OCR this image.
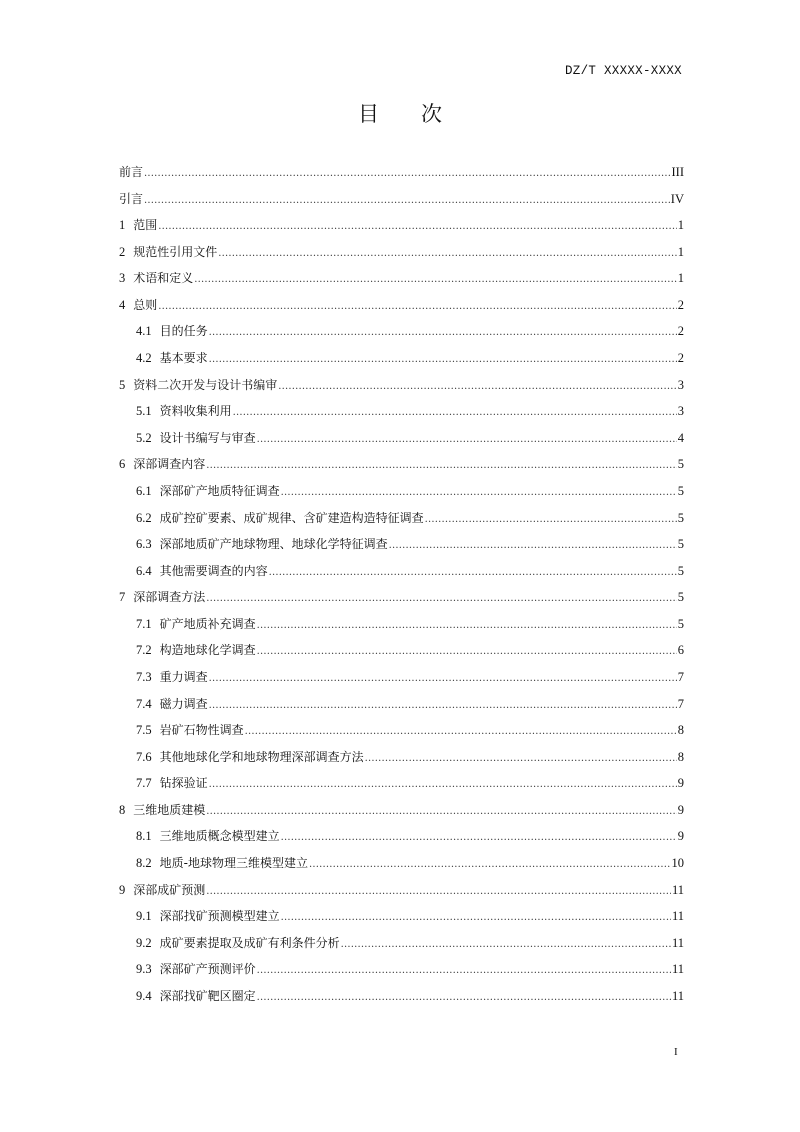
DZ/T XXXXX-XXXX
目次
前言 .....	III
引言 .....	IV
1 范围 .....	1
2 规范性引用文件 .....	1
3 术语和定义 .....	1
4 总则 .....	2
4.1 目的任务 .....	2
4.2 基本要求 .....	2
5 资料二次开发与设计书编审 .....	3
5.1 资料收集利用 .....	3
5.2 设计书编写与审查 .....	4
6 深部调查内容 .....	5
6.1 深部矿产地质特征调查 .....	5
6.2 成矿控矿要素、成矿规律、含矿建造构造特征调查 .....	5
6.3 深部地质矿产地球物理、地球化学特征调查 .....	5
6.4 其他需要调查的内容 .....	5
7 深部调查方法 .....	5
7.1 矿产地质补充调查 .....	5
7.2 构造地球化学调查 .....	6
7.3 重力调查 .....	7
7.4 磁力调查 .....	7
7.5 岩矿石物性调查 .....	8
7.6 其他地球化学和地球物理深部调查方法 .....	8
7.7 钻探验证 .....	9
8 三维地质建模 .....	9
8.1 三维地质概念模型建立 .....	9
8.2 地质-地球物理三维模型建立 .....	10
9 深部成矿预测 .....	11
9.1 深部找矿预测模型建立 .....	11
9.2 成矿要素提取及成矿有利条件分析 .....	11
9.3 深部矿产预测评价 .....	11
9.4 深部找矿靶区圈定 .....	11
I
